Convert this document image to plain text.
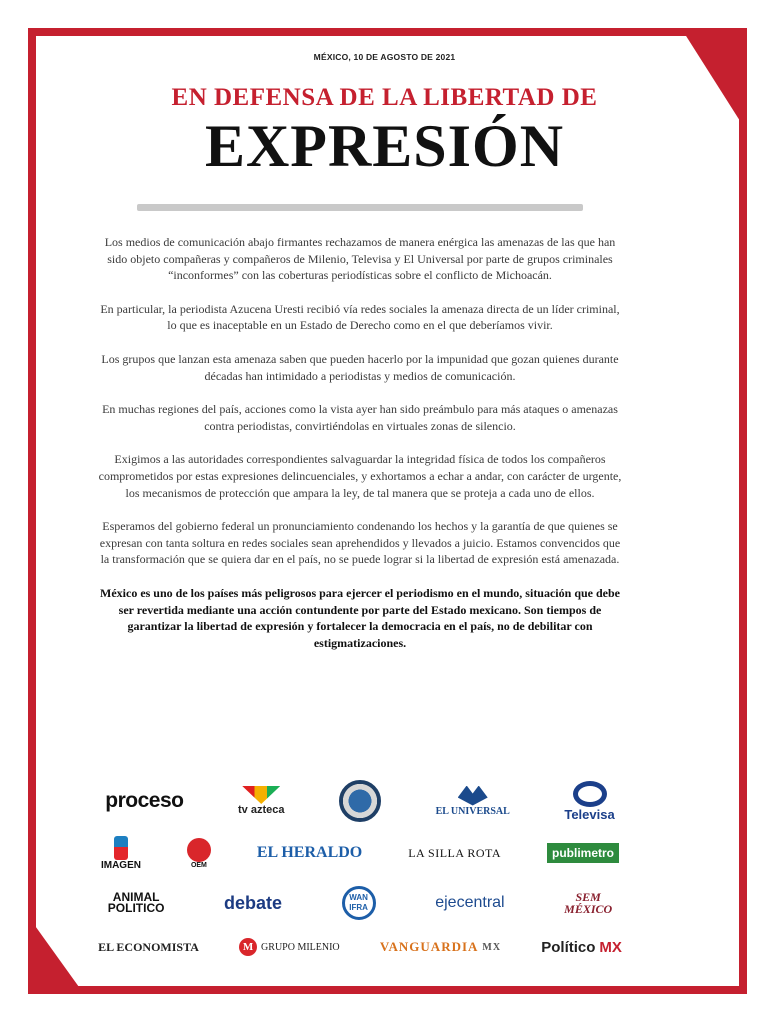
MÉXICO, 10 DE AGOSTO DE 2021
EN DEFENSA DE LA LIBERTAD DE
EXPRESIÓN

Los medios de comunicación abajo firmantes rechazamos de manera enérgica las amenazas de las que han sido objeto compañeras y compañeros de Milenio, Televisa y El Universal por parte de grupos criminales “inconformes” con las coberturas periodísticas sobre el conflicto de Michoacán.

En particular, la periodista Azucena Uresti recibió vía redes sociales la amenaza directa de un líder criminal, lo que es inaceptable en un Estado de Derecho como en el que deberíamos vivir.

Los grupos que lanzan esta amenaza saben que pueden hacerlo por la impunidad que gozan quienes durante décadas han intimidado a periodistas y medios de comunicación.

En muchas regiones del país, acciones como la vista ayer han sido preámbulo para más ataques o amenazas contra periodistas, convirtiéndolas en virtuales zonas de silencio.

Exigimos a las autoridades correspondientes salvaguardar la integridad física de todos los compañeros comprometidos por estas expresiones delincuenciales, y exhortamos a echar a andar, con carácter de urgente, los mecanismos de protección que ampara la ley, de tal manera que se proteja a cada uno de ellos.

Esperamos del gobierno federal un pronunciamiento condenando los hechos y la garantía de que quienes se expresan con tanta soltura en redes sociales sean aprehendidos y llevados a juicio. Estamos convencidos que la transformación que se quiera dar en el país, no se puede lograr si la libertad de expresión está amenazada.

México es uno de los países más peligrosos para ejercer el periodismo en el mundo, situación que debe ser revertida mediante una acción contundente por parte del Estado mexicano. Son tiempos de garantizar la libertad de expresión y fortalecer la democracia en el país, no de debilitar con estigmatizaciones.

proceso	tv azteca	EL UNIVERSAL	Televisa
IMAGEN	OEM
EL HERALDO	LA SILLA ROTA	publimetro
ANIMAL
POLITICO	debate	WAN IFRA	ejecentral	SEM
MÉXICO
EL ECONOMISTA	M GRUPO MILENIO	VANGUARDIA MX	Político MX
